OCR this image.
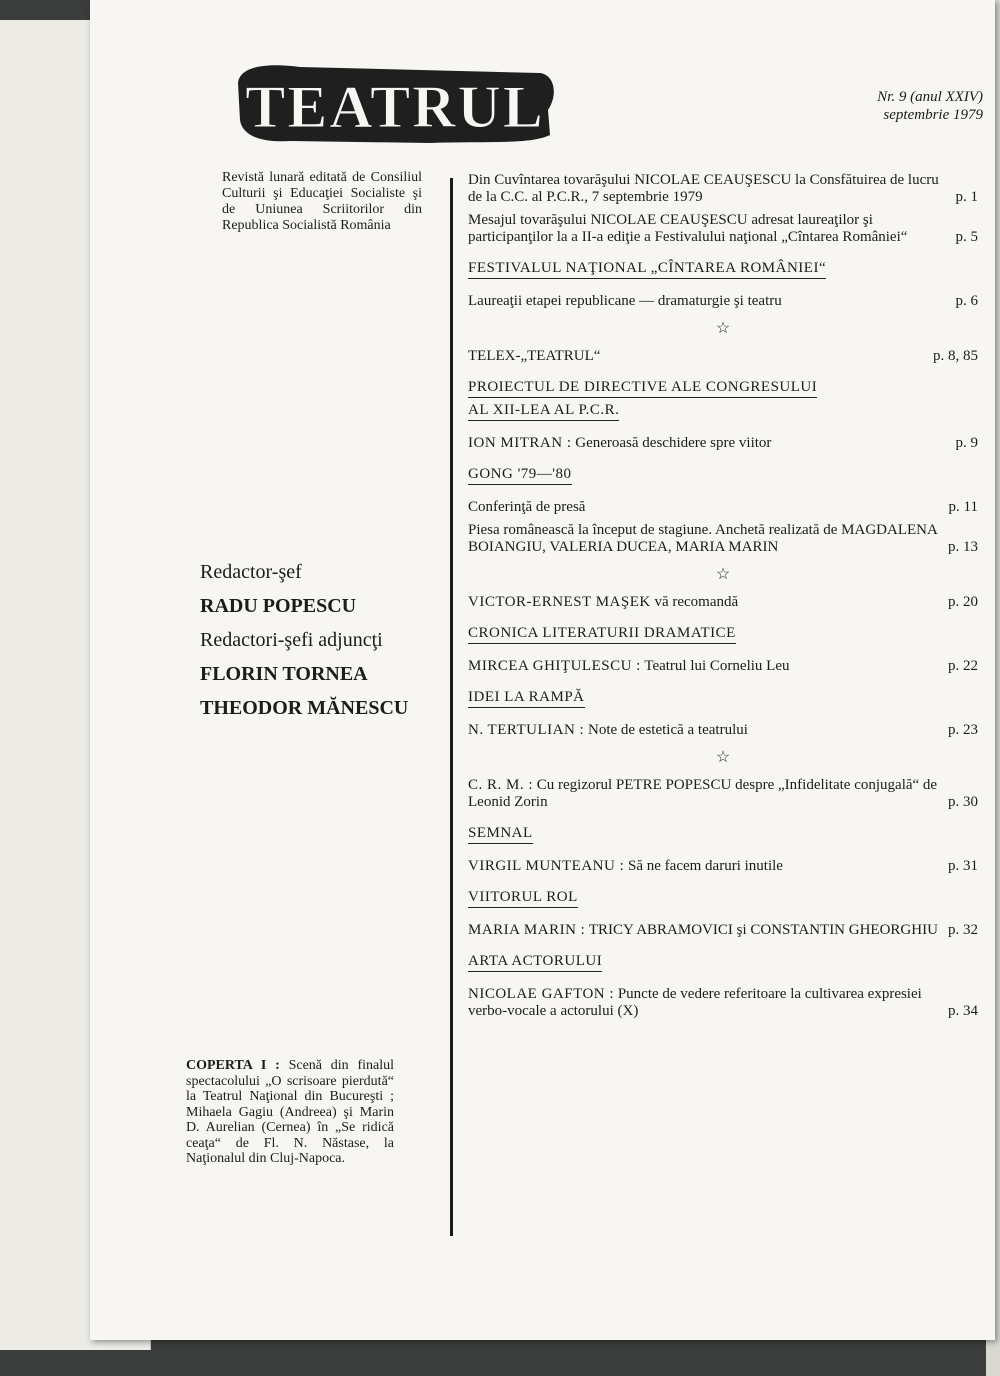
TEATRUL	Nr. 9 (anul XXIV)
septembrie 1979
Revistă lunară editată de Consiliul Culturii şi Educaţiei Socialiste şi de Uniunea Scriitorilor din Republica Socialistă România
Redactor-şef
RADU POPESCU
Redactori-şefi adjuncţi
FLORIN TORNEA
THEODOR MĂNESCU
COPERTA I : Scenă din finalul spectacolului „O scrisoare pierdută“ la Teatrul Naţional din Bucureşti ; Mihaela Gagiu (Andreea) şi Marin D. Aurelian (Cernea) în „Se ridică ceaţa“ de Fl. N. Năstase, la Naţionalul din Cluj-Napoca.
Din Cuvîntarea tovarăşului NICOLAE CEAUŞESCU la Consfătuirea de lucru de la C.C. al P.C.R., 7 septembrie 1979	p. 1
Mesajul tovarăşului NICOLAE CEAUŞESCU adresat laureaţilor şi participanţilor la a II-a ediţie a Festivalului naţional „Cîntarea României“	p. 5
FESTIVALUL NAŢIONAL „CÎNTAREA ROMÂNIEI“
Laureaţii etapei republicane — dramaturgie şi teatru	p. 6
☆
TELEX-„TEATRUL“	p. 8, 85
PROIECTUL DE DIRECTIVE ALE CONGRESULUI
AL XII-LEA AL P.C.R.
ION MITRAN : Generoasă deschidere spre viitor	p. 9
GONG '79—'80
Conferinţă de presă	p. 11
Piesa românească la început de stagiune. Anchetă realizată de MAGDALENA BOIANGIU, VALERIA DUCEA, MARIA MARIN	p. 13
☆
VICTOR-ERNEST MAŞEK vă recomandă	p. 20
CRONICA LITERATURII DRAMATICE
MIRCEA GHIŢULESCU : Teatrul lui Corneliu Leu	p. 22
IDEI LA RAMPĂ
N. TERTULIAN : Note de estetică a teatrului	p. 23
☆
C. R. M. : Cu regizorul PETRE POPESCU despre „Infidelitate conjugală“ de Leonid Zorin	p. 30
SEMNAL
VIRGIL MUNTEANU : Să ne facem daruri inutile	p. 31
VIITORUL ROL
MARIA MARIN : TRICY ABRAMOVICI şi CONSTANTIN GHEORGHIU p. 32
ARTA ACTORULUI
NICOLAE GAFTON : Puncte de vedere referitoare la cultivarea expresiei verbo-vocale a actorului (X)	p. 34
